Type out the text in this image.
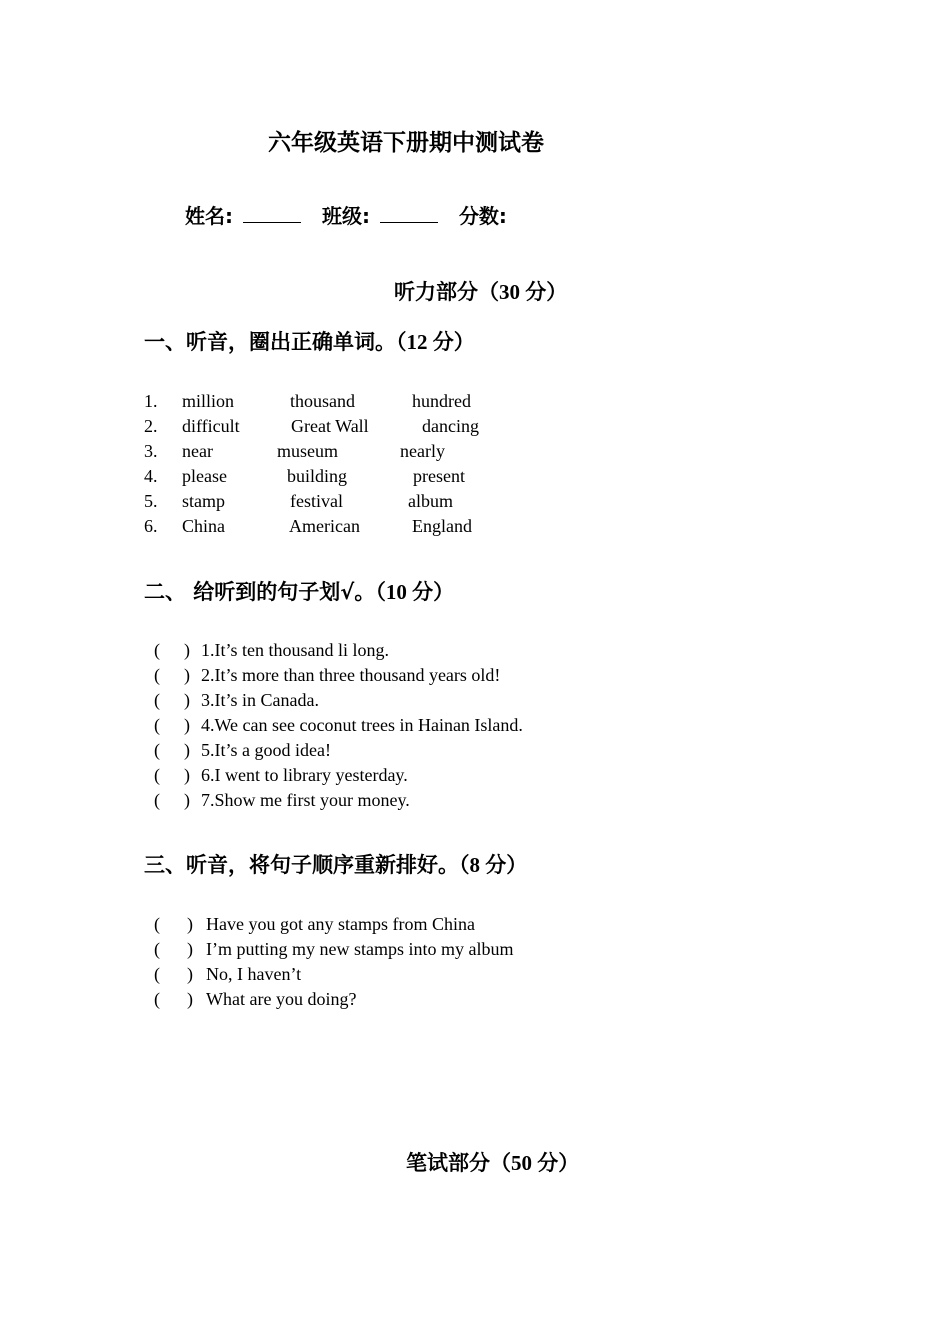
六年级英语下册期中测试卷
姓名:	班级:	分数:
听力部分（30 分）
一、听音，圈出正确单词。（12 分）
1. million	thousand	hundred
2. difficult	Great Wall	dancing
3. near	museum	nearly
4. please	building	present
5. stamp	festival	album
6. China	American	England
二、 给听到的句子划√。（10 分）
( ) 1.It’s ten thousand li long.
( ) 2.It’s more than three thousand years old!
( ) 3.It’s in Canada.
( ) 4.We can see coconut trees in Hainan Island.
( ) 5.It’s a good idea!
( ) 6.I went to library yesterday.
( ) 7.Show me first your money.
三、听音，将句子顺序重新排好。（8 分）
( ) Have you got any stamps from China
( ) I’m putting my new stamps into my album
( ) No, I haven’t
( ) What are you doing?
笔试部分（50 分）
